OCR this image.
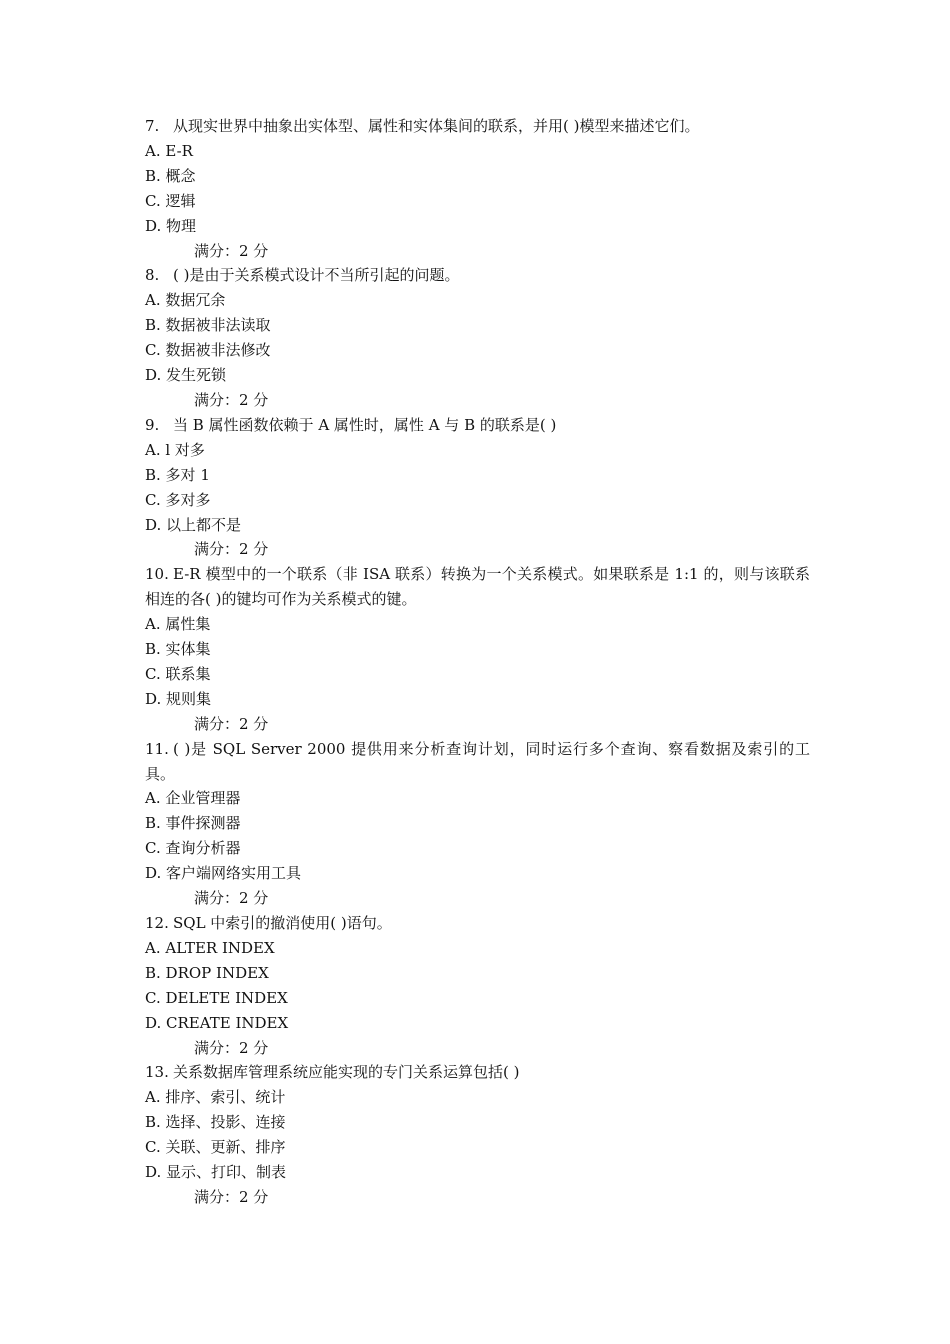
7. 从现实世界中抽象出实体型、属性和实体集间的联系，并用( )模型来描述它们。

A. E-R

B. 概念

C. 逻辑

D. 物理

满分：2 分

8. ( )是由于关系模式设计不当所引起的问题。

A. 数据冗余

B. 数据被非法读取

C. 数据被非法修改

D. 发生死锁

满分：2 分

9. 当 B 属性函数依赖于 A 属性时，属性 A 与 B 的联系是( )

A. l 对多

B. 多对 1

C. 多对多

D. 以上都不是

满分：2 分

10. E-R 模型中的一个联系（非 ISA 联系）转换为一个关系模式。如果联系是 1:1 的，则与该联系相连的各( )的键均可作为关系模式的键。

A. 属性集

B. 实体集

C. 联系集

D. 规则集

满分：2 分

11. ( )是 SQL Server 2000 提供用来分析查询计划，同时运行多个查询、察看数据及索引的工具。

A. 企业管理器

B. 事件探测器

C. 查询分析器

D. 客户端网络实用工具

满分：2 分

12. SQL 中索引的撤消使用( )语句。

A. ALTER INDEX

B. DROP INDEX

C. DELETE INDEX

D. CREATE INDEX

满分：2 分

13. 关系数据库管理系统应能实现的专门关系运算包括( )

A. 排序、索引、统计

B. 选择、投影、连接

C. 关联、更新、排序

D. 显示、打印、制表

满分：2 分
